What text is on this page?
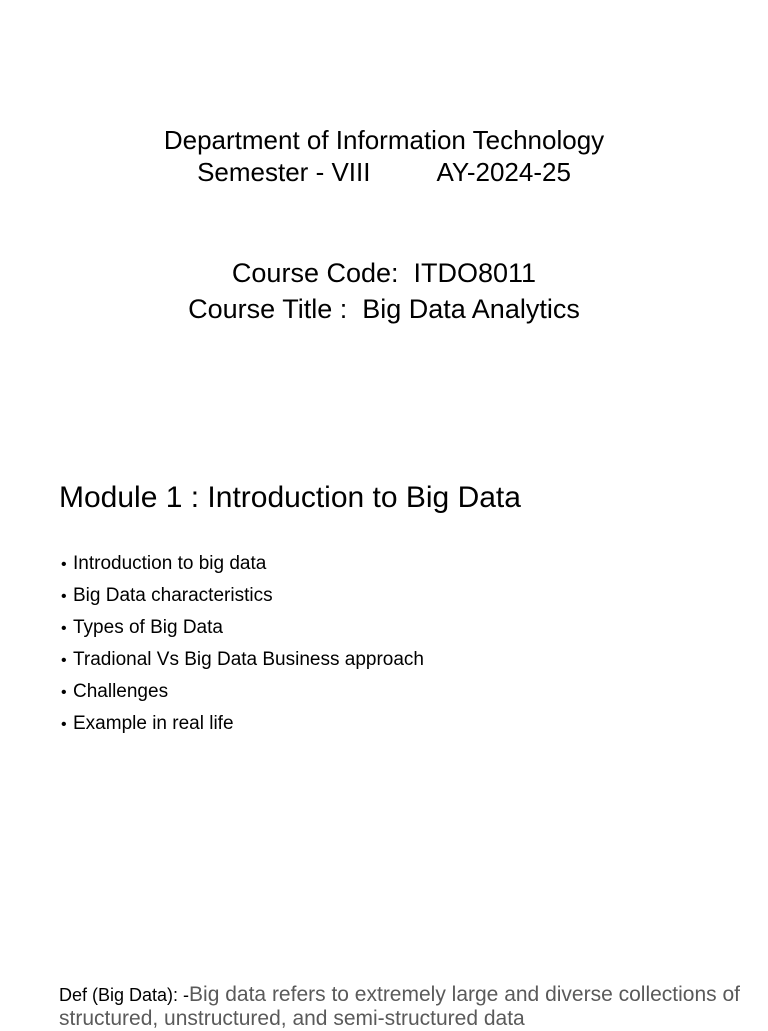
Department of Information Technology
Semester - VIII	AY-2024-25
Course Code:  ITDO8011
Course Title :  Big Data Analytics
Module 1 : Introduction to Big Data
• Introduction to big data
• Big Data characteristics
• Types of Big Data
• Tradional Vs Big Data Business approach
• Challenges
• Example in real life
Def (Big Data): -Big data refers to extremely large and diverse collections of structured, unstructured, and semi-structured data
